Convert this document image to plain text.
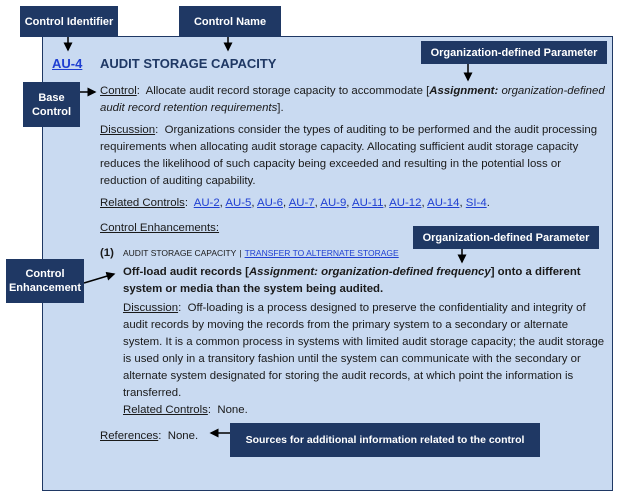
Control Identifier	Control Name
Organization-defined Parameter
Base Control
Organization-defined Parameter
Control Enhancement
Sources for additional information related to the control
AU-4 AUDIT STORAGE CAPACITY

Control:  Allocate audit record storage capacity to accommodate [Assignment: organization-defined audit record retention requirements].

Discussion:  Organizations consider the types of auditing to be performed and the audit processing requirements when allocating audit storage capacity. Allocating sufficient audit storage capacity reduces the likelihood of such capacity being exceeded and resulting in the potential loss or reduction of auditing capability.

Related Controls:  AU-2, AU-5, AU-6, AU-7, AU-9, AU-11, AU-12, AU-14, SI-4.

Control Enhancements:

(1) AUDIT STORAGE CAPACITY | TRANSFER TO ALTERNATE STORAGE

Off-load audit records [Assignment: organization-defined frequency] onto a different system or media than the system being audited.

Discussion:  Off-loading is a process designed to preserve the confidentiality and integrity of audit records by moving the records from the primary system to a secondary or alternate system. It is a common process in systems with limited audit storage capacity; the audit storage is used only in a transitory fashion until the system can communicate with the secondary or alternate system designated for storing the audit records, at which point the information is transferred.

Related Controls:  None.

References:  None.
